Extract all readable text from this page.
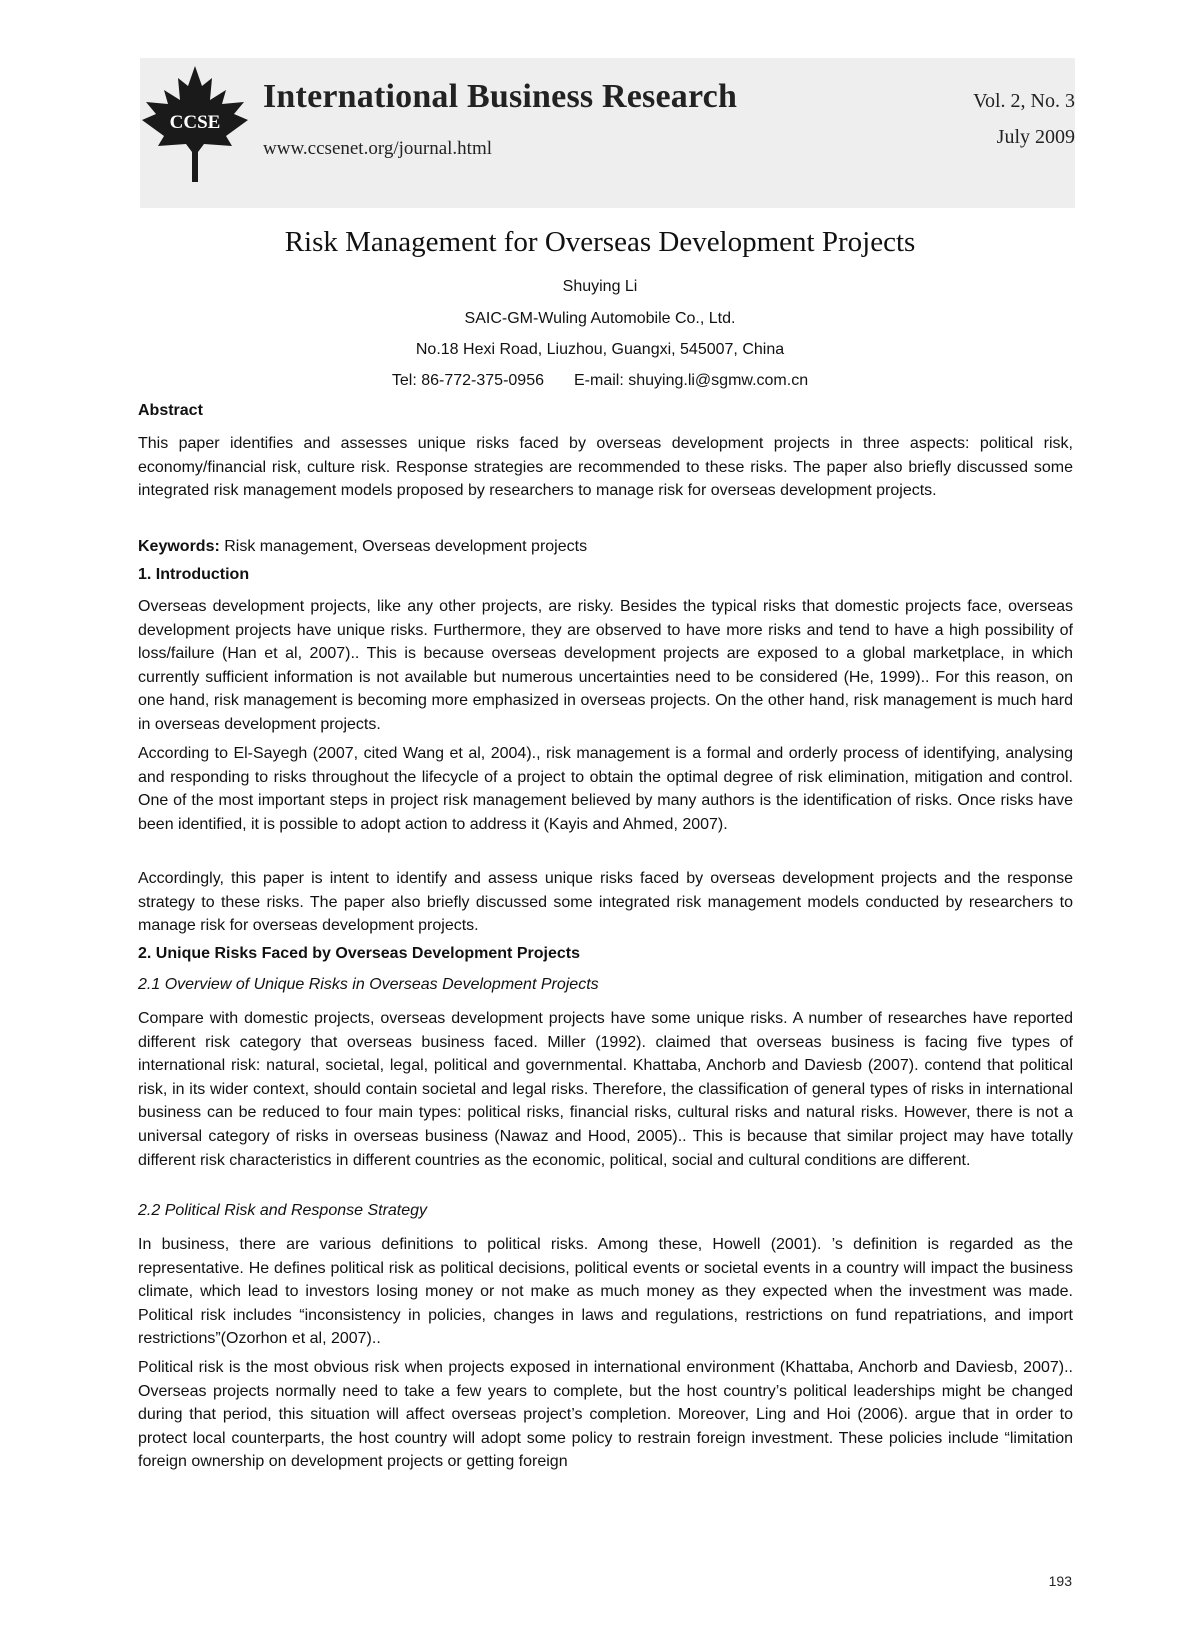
CCSE
International Business Research
www.ccsenet.org/journal.html
Vol. 2, No. 3
July 2009
Risk Management for Overseas Development Projects
Shuying Li
SAIC-GM-Wuling Automobile Co., Ltd.
No.18 Hexi Road, Liuzhou, Guangxi, 545007, China
Tel: 86-772-375-0956 E-mail: shuying.li@sgmw.com.cn
Abstract

This paper identifies and assesses unique risks faced by overseas development projects in three aspects: political risk, economy/financial risk, culture risk. Response strategies are recommended to these risks. The paper also briefly discussed some integrated risk management models proposed by researchers to manage risk for overseas development projects.

Keywords: Risk management, Overseas development projects

1. Introduction

Overseas development projects, like any other projects, are risky. Besides the typical risks that domestic projects face, overseas development projects have unique risks. Furthermore, they are observed to have more risks and tend to have a high possibility of loss/failure (Han et al, 2007).. This is because overseas development projects are exposed to a global marketplace, in which currently sufficient information is not available but numerous uncertainties need to be considered (He, 1999).. For this reason, on one hand, risk management is becoming more emphasized in overseas projects. On the other hand, risk management is much hard in overseas development projects.

According to El-Sayegh (2007, cited Wang et al, 2004)., risk management is a formal and orderly process of identifying, analysing and responding to risks throughout the lifecycle of a project to obtain the optimal degree of risk elimination, mitigation and control. One of the most important steps in project risk management believed by many authors is the identification of risks. Once risks have been identified, it is possible to adopt action to address it (Kayis and Ahmed, 2007).

Accordingly, this paper is intent to identify and assess unique risks faced by overseas development projects and the response strategy to these risks. The paper also briefly discussed some integrated risk management models conducted by researchers to manage risk for overseas development projects.

2. Unique Risks Faced by Overseas Development Projects
2.1 Overview of Unique Risks in Overseas Development Projects

Compare with domestic projects, overseas development projects have some unique risks. A number of researches have reported different risk category that overseas business faced. Miller (1992). claimed that overseas business is facing five types of international risk: natural, societal, legal, political and governmental. Khattaba, Anchorb and Daviesb (2007). contend that political risk, in its wider context, should contain societal and legal risks. Therefore, the classification of general types of risks in international business can be reduced to four main types: political risks, financial risks, cultural risks and natural risks. However, there is not a universal category of risks in overseas business (Nawaz and Hood, 2005).. This is because that similar project may have totally different risk characteristics in different countries as the economic, political, social and cultural conditions are different.

2.2 Political Risk and Response Strategy

In business, there are various definitions to political risks. Among these, Howell (2001). ’s definition is regarded as the representative. He defines political risk as political decisions, political events or societal events in a country will impact the business climate, which lead to investors losing money or not make as much money as they expected when the investment was made. Political risk includes “inconsistency in policies, changes in laws and regulations, restrictions on fund repatriations, and import restrictions”(Ozorhon et al, 2007)..

Political risk is the most obvious risk when projects exposed in international environment (Khattaba, Anchorb and Daviesb, 2007).. Overseas projects normally need to take a few years to complete, but the host country’s political leaderships might be changed during that period, this situation will affect overseas project’s completion. Moreover, Ling and Hoi (2006). argue that in order to protect local counterparts, the host country will adopt some policy to restrain foreign investment. These policies include “limitation foreign ownership on development projects or getting foreign

193
